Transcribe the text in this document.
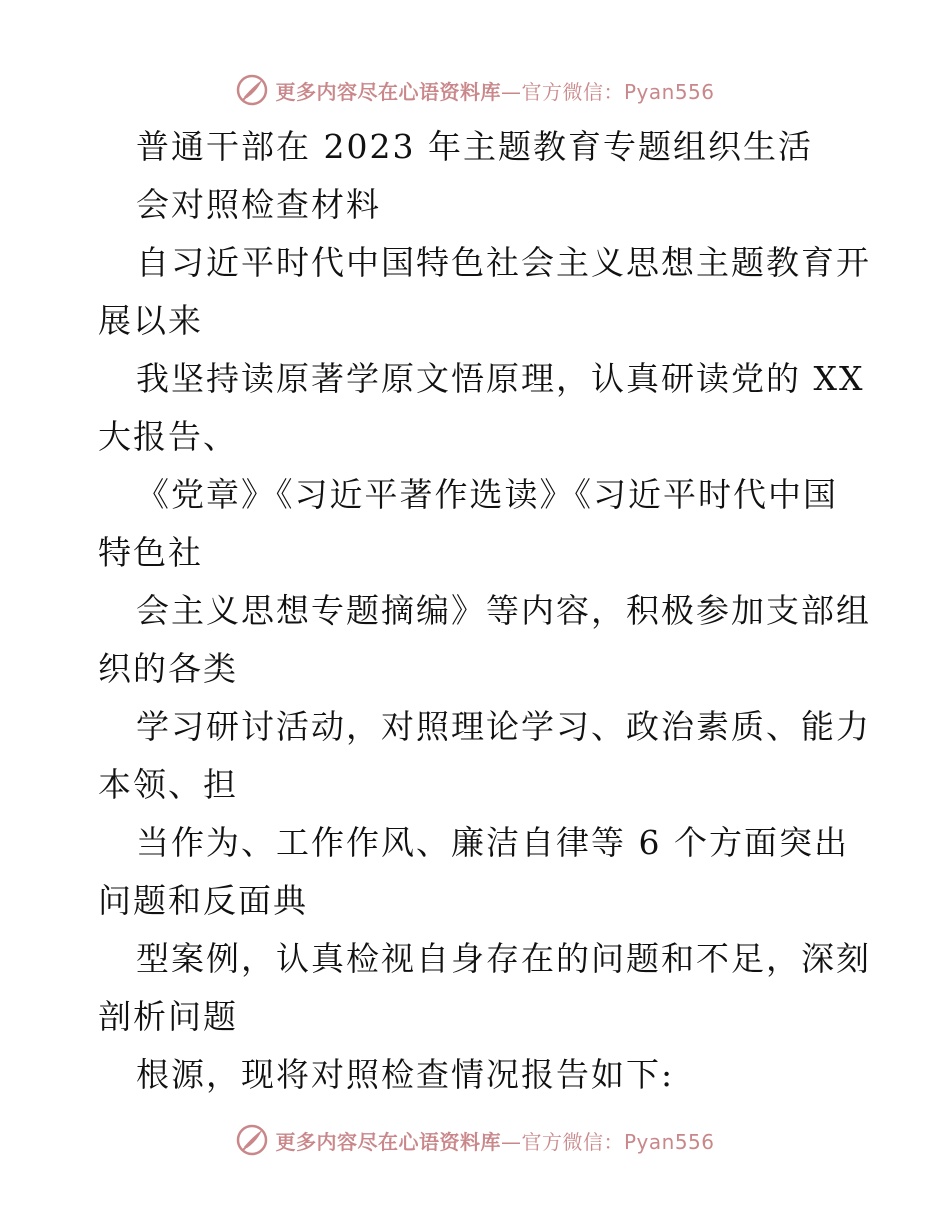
更多内容尽在心语资料库—官方微信：Pyan556
普通干部在 2023 年主题教育专题组织生活
会对照检查材料
自习近平时代中国特色社会主义思想主题教育开
展以来
我坚持读原著学原文悟原理，认真研读党的 XX
大报告、
《党章》《习近平著作选读》《习近平时代中国
特色社
会主义思想专题摘编》等内容，积极参加支部组
织的各类
学习研讨活动，对照理论学习、政治素质、能力
本领、担
当作为、工作作风、廉洁自律等 6 个方面突出
问题和反面典
型案例，认真检视自身存在的问题和不足，深刻
剖析问题
根源，现将对照检查情况报告如下:
更多内容尽在心语资料库—官方微信：Pyan556
